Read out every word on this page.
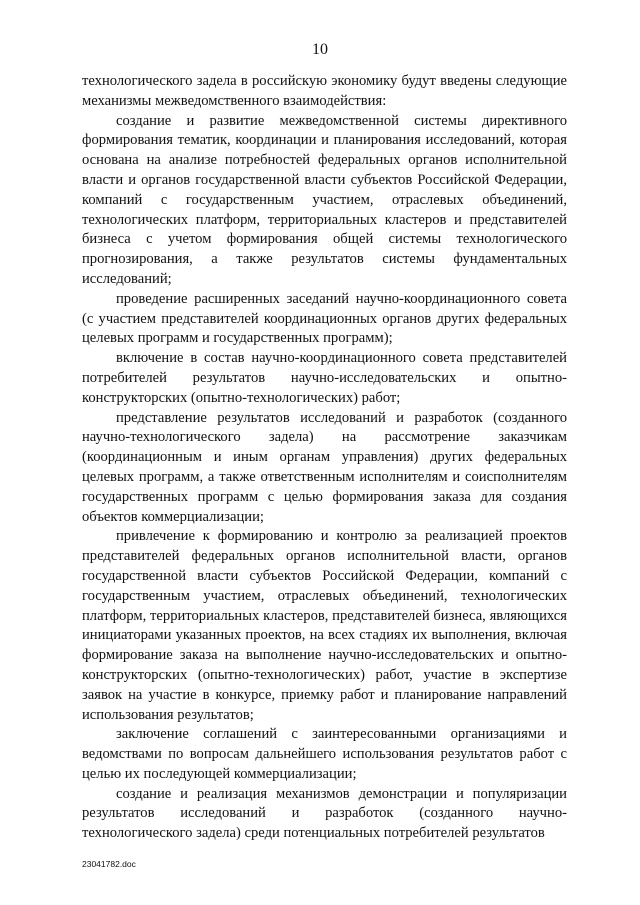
10

технологического задела в российскую экономику будут введены следующие механизмы межведомственного взаимодействия:

создание и развитие межведомственной системы директивного формирования тематик, координации и планирования исследований, которая основана на анализе потребностей федеральных органов исполнительной власти и органов государственной власти субъектов Российской Федерации, компаний с государственным участием, отраслевых объединений, технологических платформ, территориальных кластеров и представителей бизнеса с учетом формирования общей системы технологического прогнозирования, а также результатов системы фундаментальных исследований;

проведение расширенных заседаний научно-координационного совета (с участием представителей координационных органов других федеральных целевых программ и государственных программ);

включение в состав научно-координационного совета представителей потребителей результатов научно-исследовательских и опытно-конструкторских (опытно-технологических) работ;

представление результатов исследований и разработок (созданного научно-технологического задела) на рассмотрение заказчикам (координационным и иным органам управления) других федеральных целевых программ, а также ответственным исполнителям и соисполнителям государственных программ с целью формирования заказа для создания объектов коммерциализации;

привлечение к формированию и контролю за реализацией проектов представителей федеральных органов исполнительной власти, органов государственной власти субъектов Российской Федерации, компаний с государственным участием, отраслевых объединений, технологических платформ, территориальных кластеров, представителей бизнеса, являющихся инициаторами указанных проектов, на всех стадиях их выполнения, включая формирование заказа на выполнение научно-исследовательских и опытно-конструкторских (опытно-технологических) работ, участие в экспертизе заявок на участие в конкурсе, приемку работ и планирование направлений использования результатов;

заключение соглашений с заинтересованными организациями и ведомствами по вопросам дальнейшего использования результатов работ с целью их последующей коммерциализации;

создание и реализация механизмов демонстрации и популяризации результатов исследований и разработок (созданного научно-технологического задела) среди потенциальных потребителей результатов

23041782.doc
